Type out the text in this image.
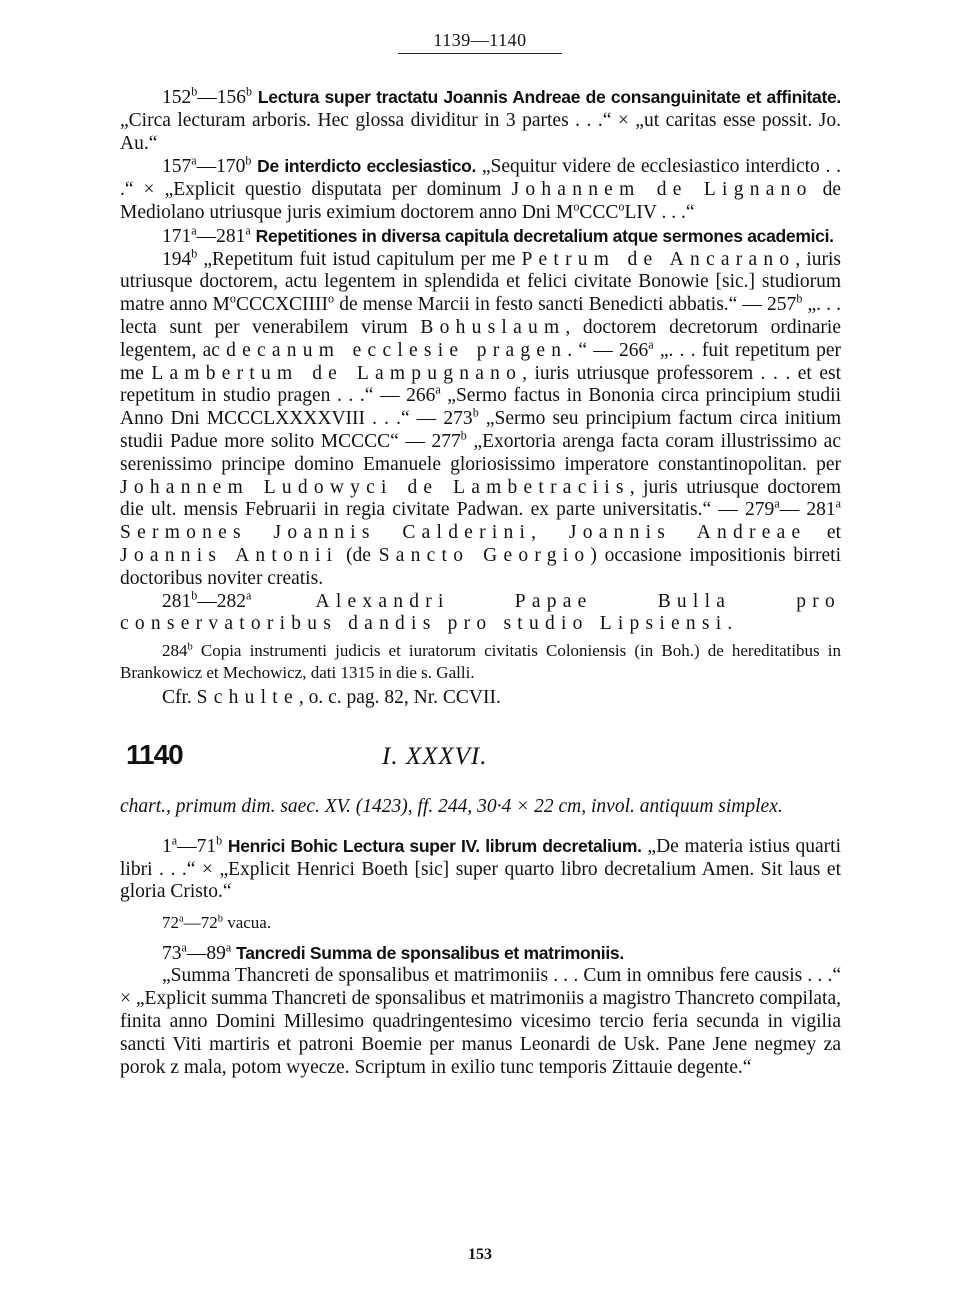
1139—1140

152$^b$—156$^b$ Lectura super tractatu Joannis Andreae de consanguinitate et affinitate. „Circa lecturam arboris. Hec glossa dividitur in 3 partes . . .“ × „ut caritas esse possit. Jo. Au.“

157$^a$—170$^b$ De interdicto ecclesiastico. „Sequitur videre de ecclesiastico interdicto . . .“ × „Explicit questio disputata per dominum Johannem de Lignano de Mediolano utriusque juris eximium doctorem anno Dni $M^oCCC^oLIV$ . . .“

171$^a$—281$^a$ Repetitiones in diversa capitula decretalium atque sermones academici.

194$^b$ „Repetitum fuit istud capitulum per me Petrum de Ancarano, iuris utriusque doctorem, actu legentem in splendida et felici civitate Bonowie [sic.] studiorum matre anno $M^oCCCXCIIII^o$ de mense Marcii in festo sancti Benedicti abbatis.“ — 257$^b$ „. . . lecta sunt per venerabilem virum Bohuslaum, doctorem decretorum ordinarie legentem, ac decanum ecclesie pragen.“ — 266$^a$ „. . . fuit repetitum per me Lambertum de Lampugnano, iuris utriusque professorem . . . et est repetitum in studio pragen . . .“ — 266$^a$ „Sermo factus in Bononia circa principium studii Anno Dni MCCCLXXXXVIII . . .“ — 273$^b$ „Sermo seu principium factum circa initium studii Padue more solito MCCCC“ — 277$^b$ „Exortoria arenga facta coram illustrissimo ac serenissimo principe domino Emanuele gloriosissimo imperatore constantinopolitan. per Johannem Ludowyci de Lambetraciis, juris utriusque doctorem die ult. mensis Februarii in regia civitate Padwan. ex parte universitatis.“ — 279$^a$— 281$^a$ Sermones Joannis Calderini, Joannis Andreae et Joannis Antonii (de Sancto Georgio) occasione impositionis birreti doctoribus noviter creatis.

281$^b$—282$^a$ Alexandri Papae Bulla pro conservatoribus dandis pro studio Lipsiensi.

284$^b$ Copia instrumenti judicis et iuratorum civitatis Coloniensis (in Boh.) de hereditatibus in Brankowicz et Mechowicz, dati 1315 in die s. Galli.

Cfr. Schulte, o. c. pag. 82, Nr. CCVII.

1140	I. XXXVI.

chart., primum dim. saec. XV. (1423), ff. 244, 30·4 × 22 cm, invol. antiquum simplex.

1$^a$—71$^b$ Henrici Bohic Lectura super IV. librum decretalium. „De materia istius quarti libri . . .“ × „Explicit Henrici Boeth [sic] super quarto libro decretalium Amen. Sit laus et gloria Cristo.“

72$^a$—72$^b$ vacua.

73$^a$—89$^a$ Tancredi Summa de sponsalibus et matrimoniis.

„Summa Thancreti de sponsalibus et matrimoniis . . . Cum in omnibus fere causis . . .“ × „Explicit summa Thancreti de sponsalibus et matrimoniis a magistro Thancreto compilata, finita anno Domini Millesimo quadringentesimo vicesimo tercio feria secunda in vigilia sancti Viti martiris et patroni Boemie per manus Leonardi de Usk. Pane Jene negmey za porok z mala, potom wyecze. Scriptum in exilio tunc temporis Zittauie degente.“

153
